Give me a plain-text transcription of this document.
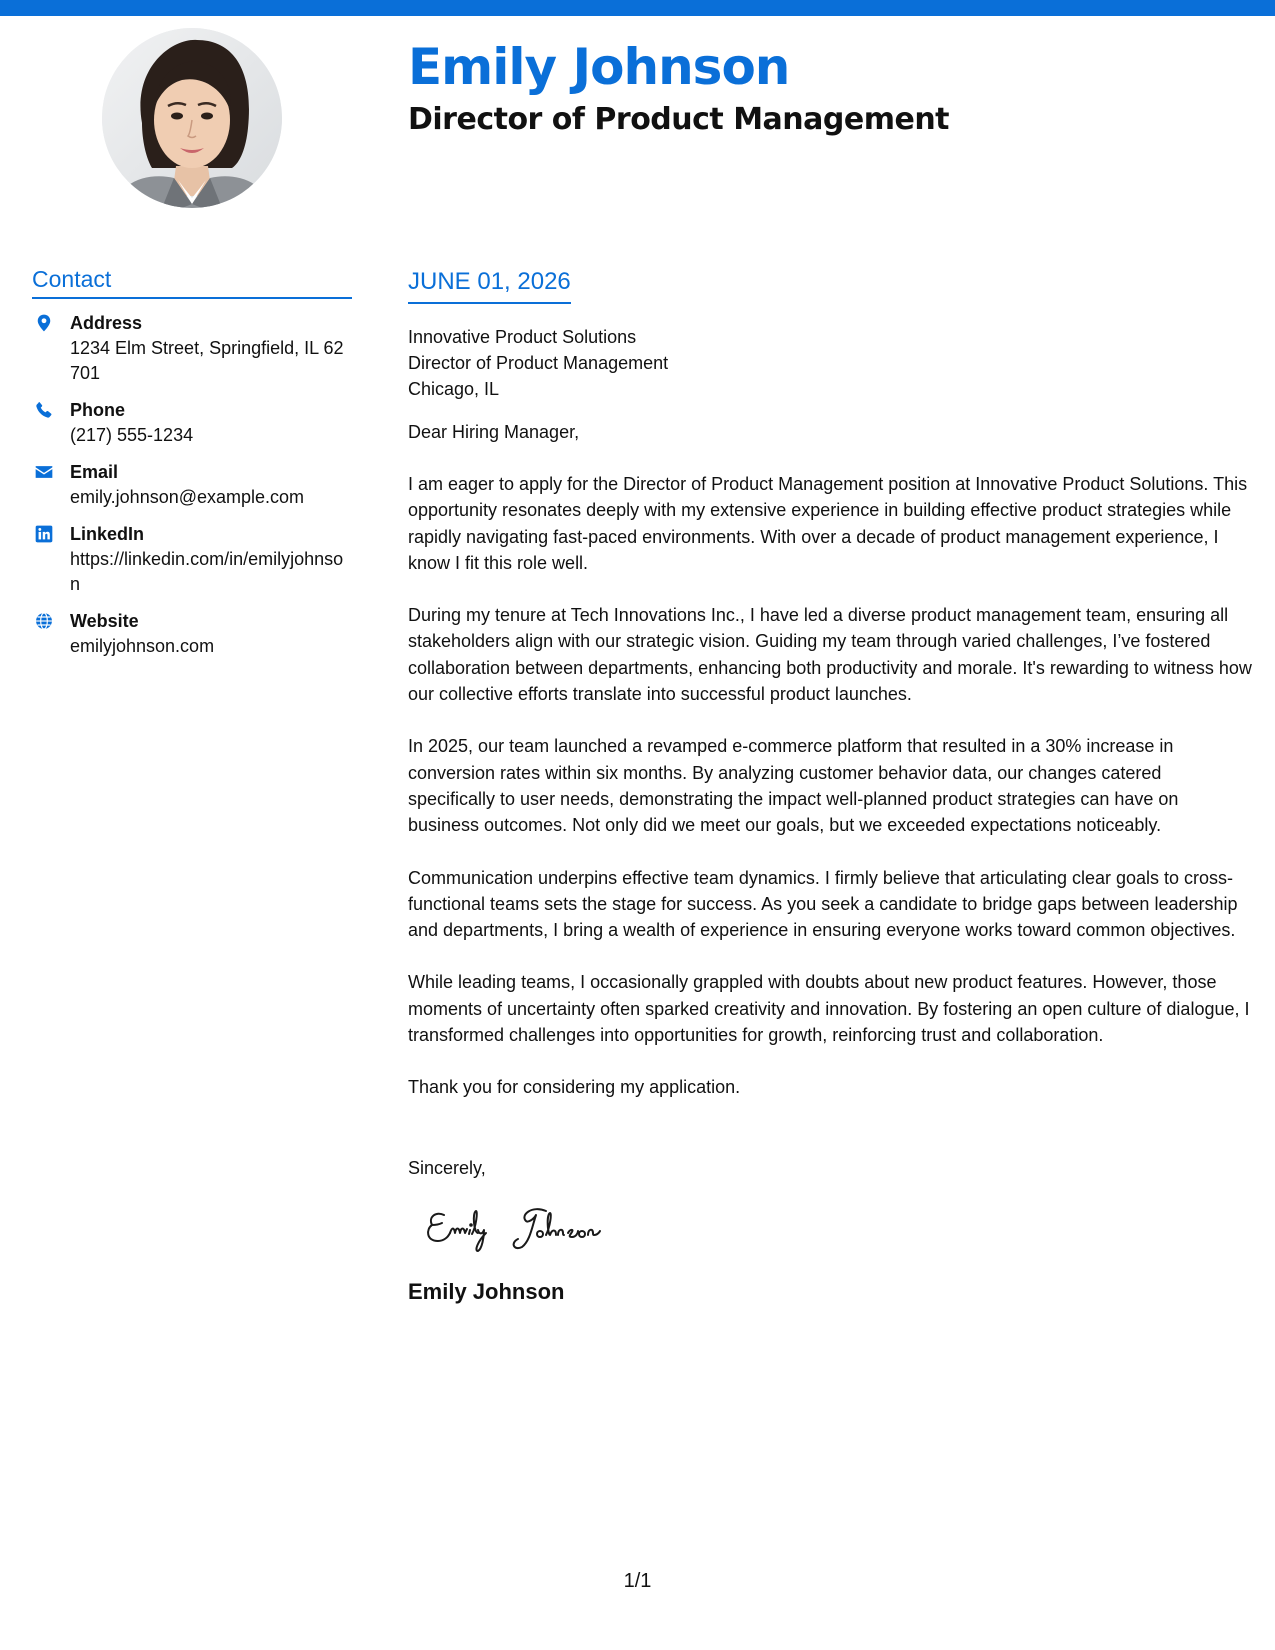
Emily Johnson
Director of Product Management
Contact
Address
1234 Elm Street, Springfield, IL 62701
Phone
(217) 555-1234
Email
emily.johnson@example.com
LinkedIn
https://linkedin.com/in/emilyjohnson
Website
emilyjohnson.com
JUNE 01, 2026
Innovative Product Solutions
Director of Product Management
Chicago, IL
Dear Hiring Manager,

I am eager to apply for the Director of Product Management position at Innovative Product Solutions. This opportunity resonates deeply with my extensive experience in building effective product strategies while rapidly navigating fast-paced environments. With over a decade of product management experience, I know I fit this role well.

During my tenure at Tech Innovations Inc., I have led a diverse product management team, ensuring all stakeholders align with our strategic vision. Guiding my team through varied challenges, I’ve fostered collaboration between departments, enhancing both productivity and morale. It's rewarding to witness how our collective efforts translate into successful product launches.

In 2025, our team launched a revamped e-commerce platform that resulted in a 30% increase in conversion rates within six months. By analyzing customer behavior data, our changes catered specifically to user needs, demonstrating the impact well-planned product strategies can have on business outcomes. Not only did we meet our goals, but we exceeded expectations noticeably.

Communication underpins effective team dynamics. I firmly believe that articulating clear goals to cross-functional teams sets the stage for success. As you seek a candidate to bridge gaps between leadership and departments, I bring a wealth of experience in ensuring everyone works toward common objectives.

While leading teams, I occasionally grappled with doubts about new product features. However, those moments of uncertainty often sparked creativity and innovation. By fostering an open culture of dialogue, I transformed challenges into opportunities for growth, reinforcing trust and collaboration.

Thank you for considering my application.

Sincerely,
Emily Johnson
1/1
